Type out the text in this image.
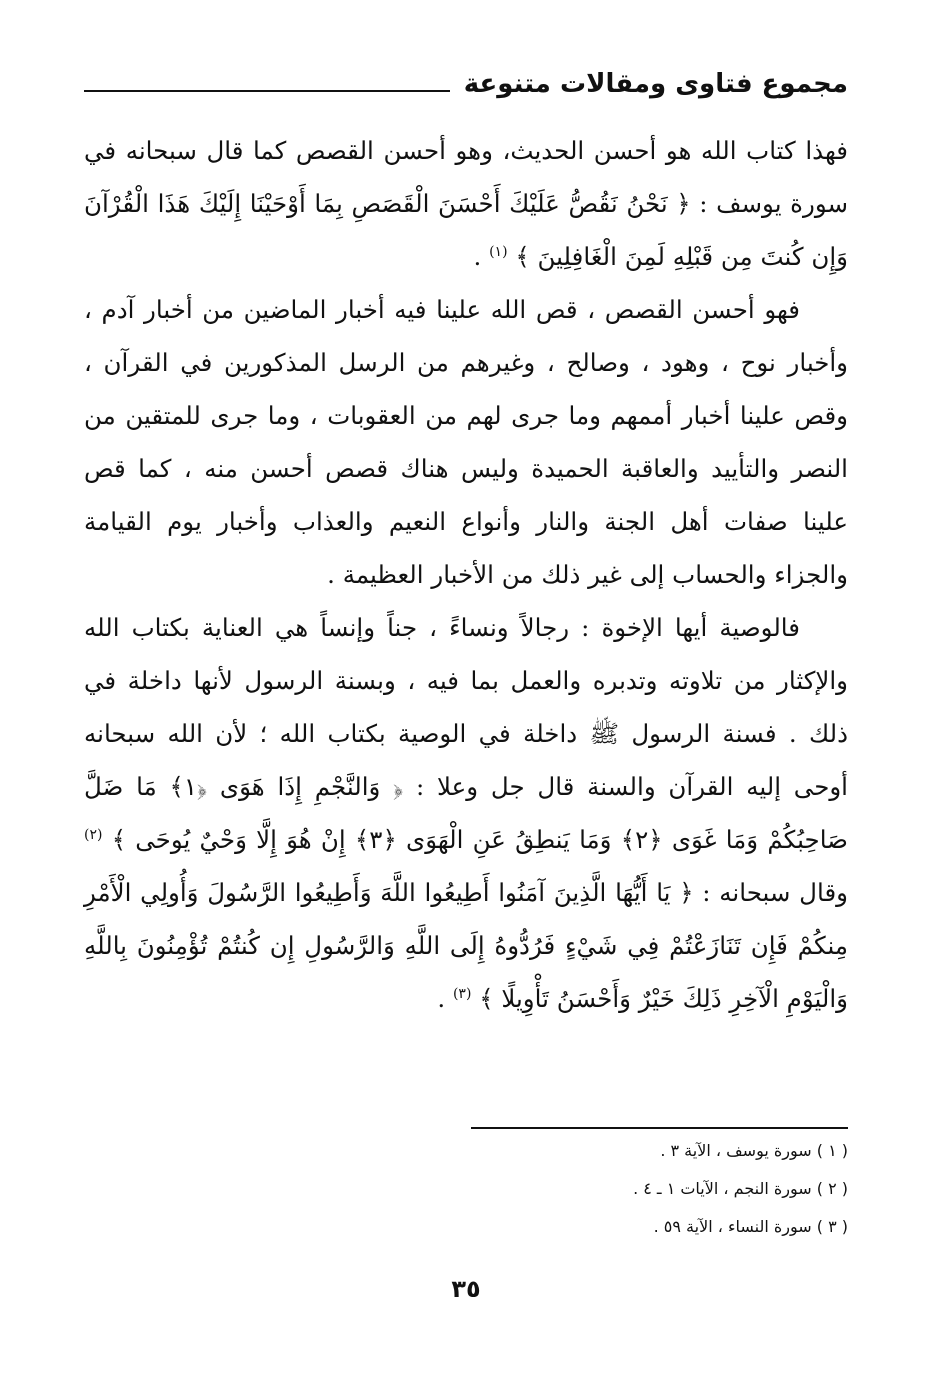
مجموع فتاوى ومقالات متنوعة

فهذا كتاب الله هو أحسن الحديث، وهو أحسن القصص كما قال سبحانه في سورة يوسف : ﴿ نَحْنُ نَقُصُّ عَلَيْكَ أَحْسَنَ الْقَصَصِ بِمَا أَوْحَيْنَا إِلَيْكَ هَذَا الْقُرْآنَ وَإِن كُنتَ مِن قَبْلِهِ لَمِنَ الْغَافِلِينَ ﴾ $^{(١)}$ .

فهو أحسن القصص ، قص الله علينا فيه أخبار الماضين من أخبار آدم ، وأخبار نوح ، وهود ، وصالح ، وغيرهم من الرسل المذكورين في القرآن ، وقص علينا أخبار أممهم وما جرى لهم من العقوبات ، وما جرى للمتقين من النصر والتأييد والعاقبة الحميدة وليس هناك قصص أحسن منه ، كما قص علينا صفات أهل الجنة والنار وأنواع النعيم والعذاب وأخبار يوم القيامة والجزاء والحساب إلى غير ذلك من الأخبار العظيمة .

فالوصية أيها الإخوة : رجالاً ونساءً ، جناً وإنساً هي العناية بكتاب الله والإكثار من تلاوته وتدبره والعمل بما فيه ، وبسنة الرسول لأنها داخلة في ذلك . فسنة الرسول ﷺ داخلة في الوصية بكتاب الله ؛ لأن الله سبحانه أوحى إليه القرآن والسنة قال جل وعلا : ﴿ وَالنَّجْمِ إِذَا هَوَى ﴿١﴾ مَا ضَلَّ صَاحِبُكُمْ وَمَا غَوَى ﴿٢﴾ وَمَا يَنطِقُ عَنِ الْهَوَى ﴿٣﴾ إِنْ هُوَ إِلَّا وَحْيٌ يُوحَى ﴾ $^{(٢)}$ وقال سبحانه : ﴿ يَا أَيُّهَا الَّذِينَ آمَنُوا أَطِيعُوا اللَّهَ وَأَطِيعُوا الرَّسُولَ وَأُولِي الْأَمْرِ مِنكُمْ فَإِن تَنَازَعْتُمْ فِي شَيْءٍ فَرُدُّوهُ إِلَى اللَّهِ وَالرَّسُولِ إِن كُنتُمْ تُؤْمِنُونَ بِاللَّهِ وَالْيَوْمِ الْآخِرِ ذَلِكَ خَيْرٌ وَأَحْسَنُ تَأْوِيلًا ﴾ $^{(٣)}$ .

( ١ ) سورة يوسف ، الآية ٣ .

( ٢ ) سورة النجم ، الآيات ١ ـ ٤ .

( ٣ ) سورة النساء ، الآية ٥٩ .

٣٥
